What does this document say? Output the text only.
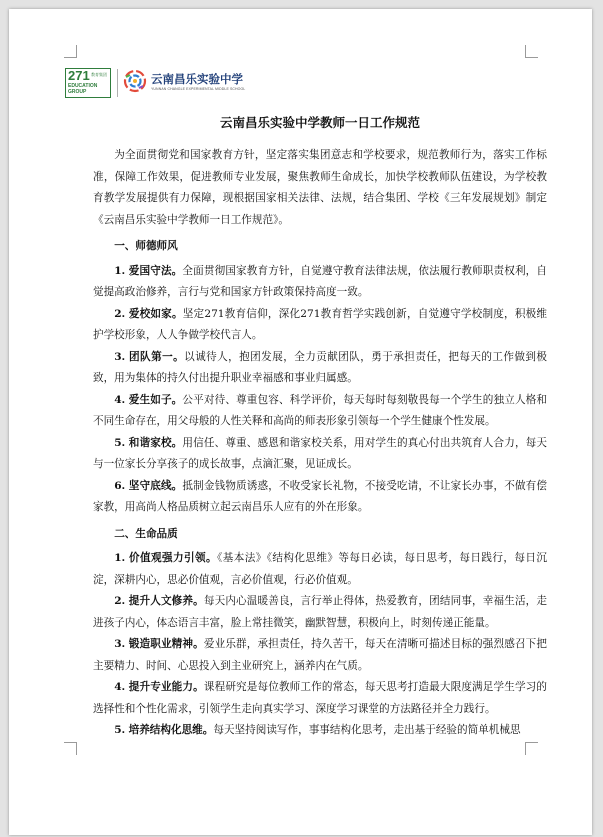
271 教育集团
EDUCATION GROUP
云南昌乐实验中学
YUNNAN CHANGLE EXPERIMENTAL MIDDLE SCHOOL
云南昌乐实验中学教师一日工作规范

为全面贯彻党和国家教育方针，坚定落实集团意志和学校要求，规范教师行为，落实工作标准，保障工作效果，促进教师专业发展，聚焦教师生命成长，加快学校教师队伍建设，为学校教育教学发展提供有力保障，现根据国家相关法律、法规，结合集团、学校《三年发展规划》制定《云南昌乐实验中学教师一日工作规范》。

一、师德师风

1. 爱国守法。全面贯彻国家教育方针，自觉遵守教育法律法规，依法履行教师职责权利，自觉提高政治修养，言行与党和国家方针政策保持高度一致。

2. 爱校如家。坚定271教育信仰，深化271教育哲学实践创新，自觉遵守学校制度，积极维护学校形象，人人争做学校代言人。

3. 团队第一。以诚待人，抱团发展，全力贡献团队，勇于承担责任，把每天的工作做到极致，用为集体的持久付出提升职业幸福感和事业归属感。

4. 爱生如子。公平对待、尊重包容、科学评价，每天每时每刻敬畏每一个学生的独立人格和不同生命存在，用父母般的人性关释和高尚的师表形象引领每一个学生健康个性发展。

5. 和谐家校。用信任、尊重、感恩和谐家校关系，用对学生的真心付出共筑育人合力，每天与一位家长分享孩子的成长故事，点滴汇聚，见证成长。

6. 坚守底线。抵制金钱物质诱惑，不收受家长礼物，不接受吃请，不让家长办事，不做有偿家教，用高尚人格品质树立起云南昌乐人应有的外在形象。

二、生命品质

1. 价值观强力引领。《基本法》《结构化思维》等每日必读，每日思考，每日践行，每日沉淀，深耕内心，思必价值观，言必价值观，行必价值观。

2. 提升人文修养。每天内心温暖善良，言行举止得体，热爱教育，团结同事，幸福生活，走进孩子内心，体态语言丰富，脸上常挂微笑，幽默智慧，积极向上，时刻传递正能量。

3. 锻造职业精神。爱业乐群，承担责任，持久苦干，每天在清晰可描述目标的强烈感召下把主要精力、时间、心思投入到主业研究上，涵养内在气质。

4. 提升专业能力。课程研究是每位教师工作的常态，每天思考打造最大限度满足学生学习的选择性和个性化需求，引领学生走向真实学习、深度学习课堂的方法路径并全力践行。

5. 培养结构化思维。每天坚持阅读写作，事事结构化思考，走出基于经验的简单机械思
